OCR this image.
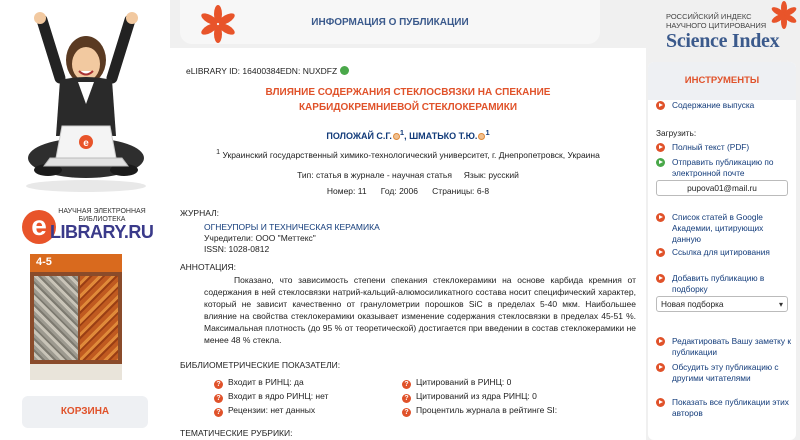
e
e	НАУЧНАЯ ЭЛЕКТРОННАЯ
БИБЛИОТЕКА
LIBRARY.RU
4-5
КОРЗИНА
ИНФОРМАЦИЯ О ПУБЛИКАЦИИ
РОССИЙСКИЙ ИНДЕКС
НАУЧНОГО ЦИТИРОВАНИЯ
Science Index
eLIBRARY ID: 16400384 EDN: NUXDFZ
ВЛИЯНИЕ СОДЕРЖАНИЯ СТЕКЛОСВЯЗКИ НА СПЕКАНИЕ
КАРБИДОКРЕМНИЕВОЙ СТЕКЛОКЕРАМИКИ
ПОЛОЖАЙ С.Г. $^1$, ШМАТЬКО Т.Ю. $^1$
$^1$ Украинский государственный химико-технологический университет, г. Днепропетровск, Украина
Тип: статья в журнале - научная статья Язык: русский
Номер: 11 Год: 2006 Страницы: 6-8
ЖУРНАЛ:
ОГНЕУПОРЫ И ТЕХНИЧЕСКАЯ КЕРАМИКА
Учредители: ООО "Меттекс"
ISSN: 1028-0812
АННОТАЦИЯ:
Показано, что зависимость степени спекания стеклокерамики на основе карбида кремния от содержания в ней стеклосвязки натрий-кальций-алюмосиликатного состава носит специфический характер, который не зависит качественно от гранулометрии порошков SiC в пределах 5-40 мкм. Наибольшее влияние на свойства стеклокерамики оказывает изменение содержания стеклосвязки в пределах 45-51 %. Максимальная плотность (до 95 % от теоретической) достигается при введении в состав стеклокерамики не менее 48 % стекла.
БИБЛИОМЕТРИЧЕСКИЕ ПОКАЗАТЕЛИ:
? Входит в РИНЦ: да
? Входит в ядро РИНЦ: нет
? Рецензии: нет данных
? Цитирований в РИНЦ: 0
? Цитирований из ядра РИНЦ: 0
? Процентиль журнала в рейтинге SI:
ТЕМАТИЧЕСКИЕ РУБРИКИ:
ИНСТРУМЕНТЫ
Содержание выпуска
Загрузить:
Полный текст (PDF)
Отправить публикацию по электронной почте
pupova01@mail.ru
Список статей в Google Академии, цитирующих данную
Ссылка для цитирования
Добавить публикацию в подборку
Новая подборка	▾
Редактировать Вашу заметку к публикации
Обсудить эту публикацию с другими читателями
Показать все публикации этих авторов
